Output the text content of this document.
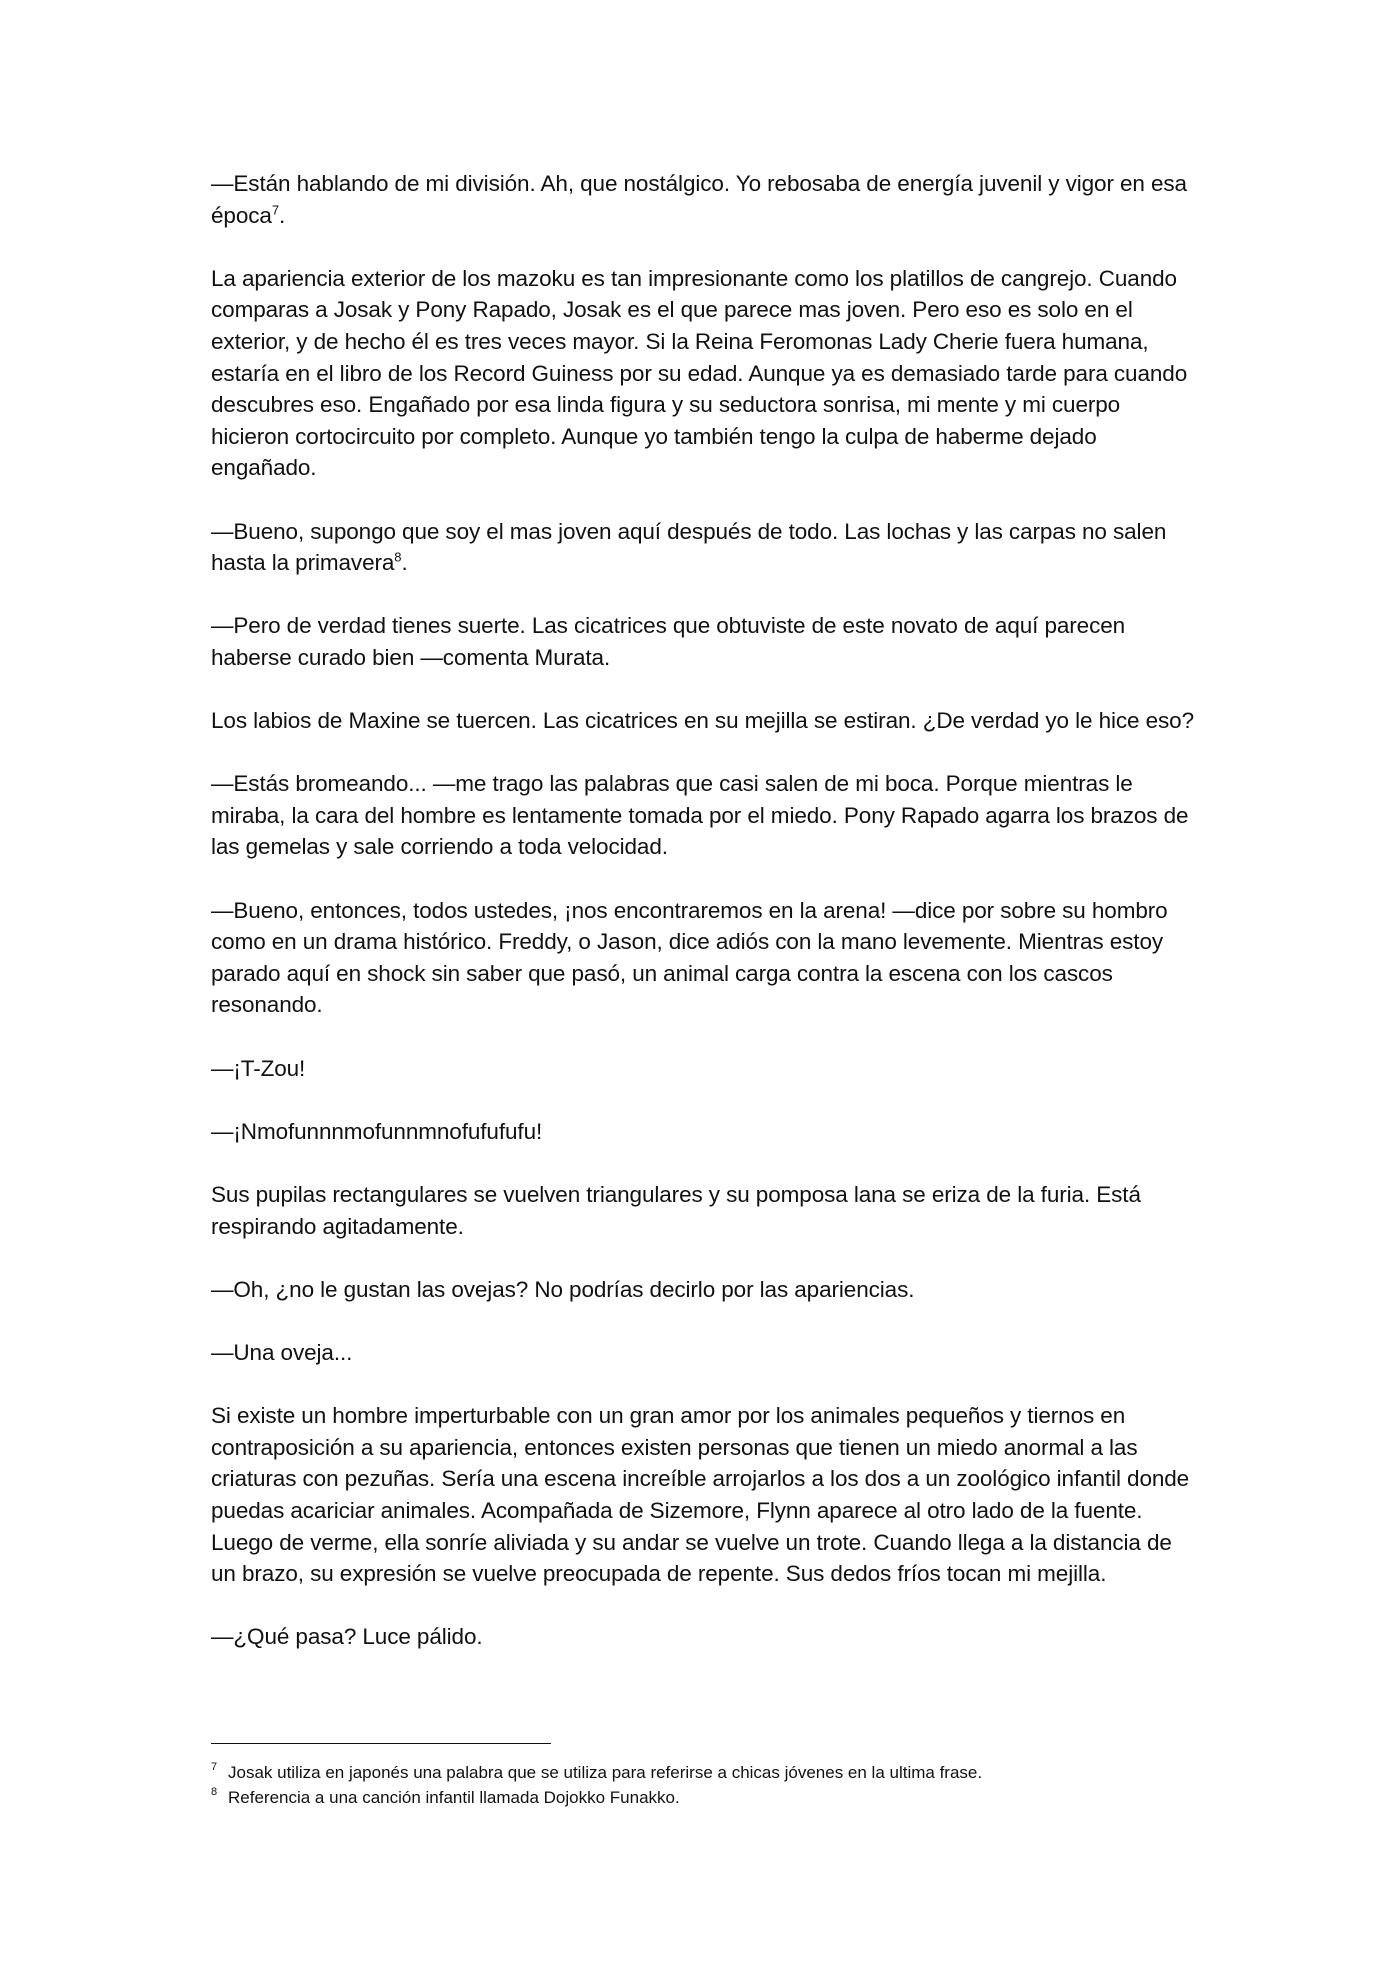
—Están hablando de mi división. Ah, que nostálgico. Yo rebosaba de energía juvenil y vigor en esa época$^7$.

La apariencia exterior de los mazoku es tan impresionante como los platillos de cangrejo. Cuando comparas a Josak y Pony Rapado, Josak es el que parece mas joven. Pero eso es solo en el exterior, y de hecho él es tres veces mayor. Si la Reina Feromonas Lady Cherie fuera humana, estaría en el libro de los Record Guiness por su edad. Aunque ya es demasiado tarde para cuando descubres eso. Engañado por esa linda figura y su seductora sonrisa, mi mente y mi cuerpo hicieron cortocircuito por completo. Aunque yo también tengo la culpa de haberme dejado engañado.

—Bueno, supongo que soy el mas joven aquí después de todo. Las lochas y las carpas no salen hasta la primavera$^8$.

—Pero de verdad tienes suerte. Las cicatrices que obtuviste de este novato de aquí parecen haberse curado bien —comenta Murata.

Los labios de Maxine se tuercen. Las cicatrices en su mejilla se estiran. ¿De verdad yo le hice eso?

—Estás bromeando... —me trago las palabras que casi salen de mi boca. Porque mientras le miraba, la cara del hombre es lentamente tomada por el miedo. Pony Rapado agarra los brazos de las gemelas y sale corriendo a toda velocidad.

—Bueno, entonces, todos ustedes, ¡nos encontraremos en la arena! —dice por sobre su hombro como en un drama histórico. Freddy, o Jason, dice adiós con la mano levemente. Mientras estoy parado aquí en shock sin saber que pasó, un animal carga contra la escena con los cascos resonando.

—¡T-Zou!

—¡Nmofunnnmofunnmnofufufufu!

Sus pupilas rectangulares se vuelven triangulares y su pomposa lana se eriza de la furia. Está respirando agitadamente.

—Oh, ¿no le gustan las ovejas? No podrías decirlo por las apariencias.

—Una oveja...

Si existe un hombre imperturbable con un gran amor por los animales pequeños y tiernos en contraposición a su apariencia, entonces existen personas que tienen un miedo anormal a las criaturas con pezuñas. Sería una escena increíble arrojarlos a los dos a un zoológico infantil donde puedas acariciar animales. Acompañada de Sizemore, Flynn aparece al otro lado de la fuente. Luego de verme, ella sonríe aliviada y su andar se vuelve un trote. Cuando llega a la distancia de un brazo, su expresión se vuelve preocupada de repente. Sus dedos fríos tocan mi mejilla.

—¿Qué pasa? Luce pálido.

7 Josak utiliza en japonés una palabra que se utiliza para referirse a chicas jóvenes en la ultima frase.

8 Referencia a una canción infantil llamada Dojokko Funakko.
